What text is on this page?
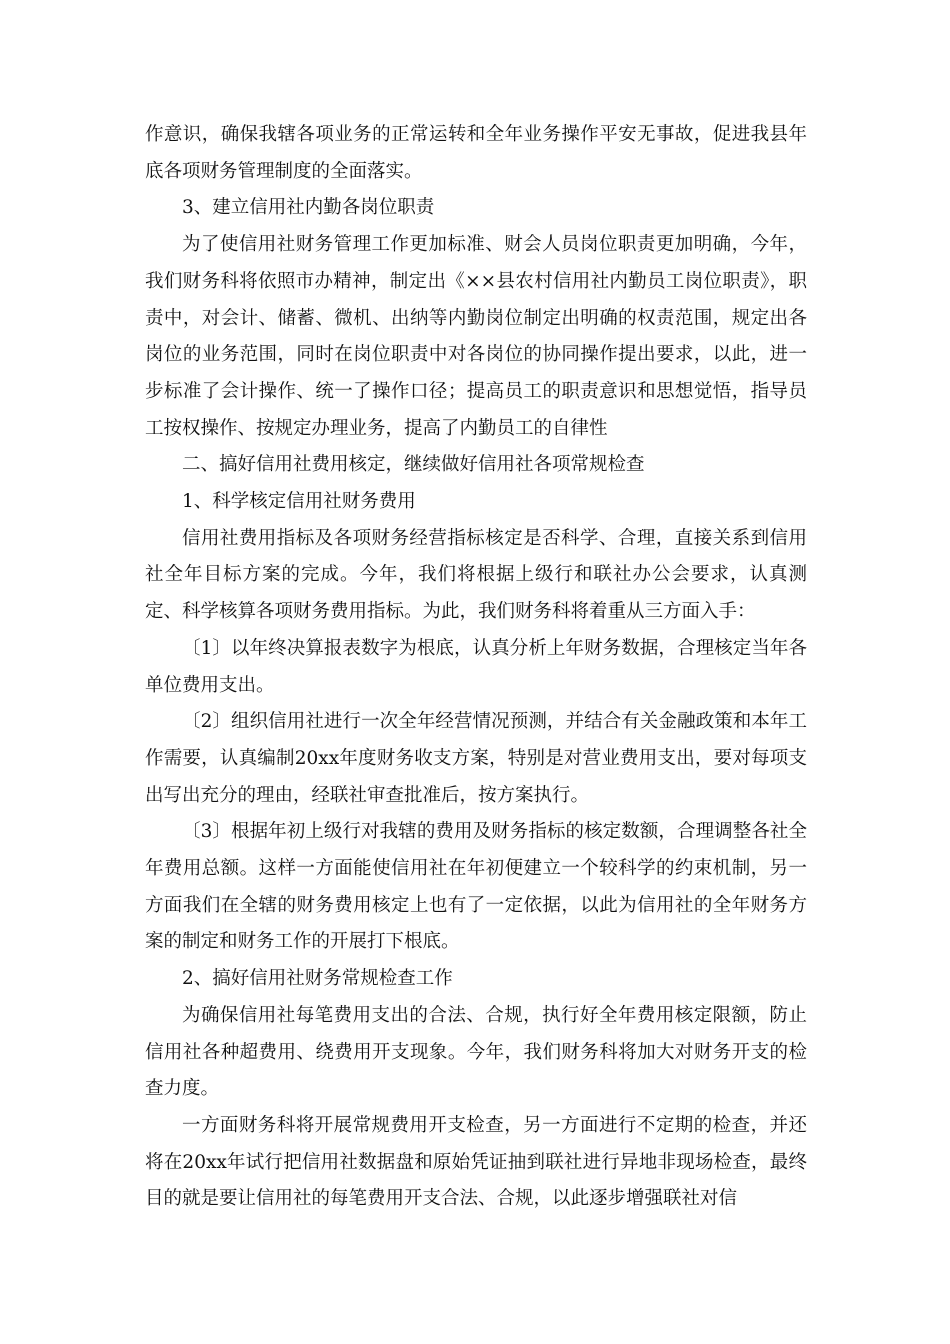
作意识，确保我辖各项业务的正常运转和全年业务操作平安无事故，促进我县年底各项财务管理制度的全面落实。

3、建立信用社内勤各岗位职责

为了使信用社财务管理工作更加标准、财会人员岗位职责更加明确，今年，我们财务科将依照市办精神，制定出《××县农村信用社内勤员工岗位职责》，职责中，对会计、储蓄、微机、出纳等内勤岗位制定出明确的权责范围，规定出各岗位的业务范围，同时在岗位职责中对各岗位的协同操作提出要求，以此，进一步标准了会计操作、统一了操作口径；提高员工的职责意识和思想觉悟，指导员工按权操作、按规定办理业务，提高了内勤员工的自律性

二、搞好信用社费用核定，继续做好信用社各项常规检查

1、科学核定信用社财务费用

信用社费用指标及各项财务经营指标核定是否科学、合理，直接关系到信用社全年目标方案的完成。今年，我们将根据上级行和联社办公会要求，认真测定、科学核算各项财务费用指标。为此，我们财务科将着重从三方面入手：

〔1〕以年终决算报表数字为根底，认真分析上年财务数据，合理核定当年各单位费用支出。

〔2〕组织信用社进行一次全年经营情况预测，并结合有关金融政策和本年工作需要，认真编制20xx年度财务收支方案，特别是对营业费用支出，要对每项支出写出充分的理由，经联社审查批准后，按方案执行。

〔3〕根据年初上级行对我辖的费用及财务指标的核定数额，合理调整各社全年费用总额。这样一方面能使信用社在年初便建立一个较科学的约束机制，另一方面我们在全辖的财务费用核定上也有了一定依据，以此为信用社的全年财务方案的制定和财务工作的开展打下根底。

2、搞好信用社财务常规检查工作

为确保信用社每笔费用支出的合法、合规，执行好全年费用核定限额，防止信用社各种超费用、绕费用开支现象。今年，我们财务科将加大对财务开支的检查力度。

一方面财务科将开展常规费用开支检查，另一方面进行不定期的检查，并还将在20xx年试行把信用社数据盘和原始凭证抽到联社进行异地非现场检查，最终目的就是要让信用社的每笔费用开支合法、合规，以此逐步增强联社对信
